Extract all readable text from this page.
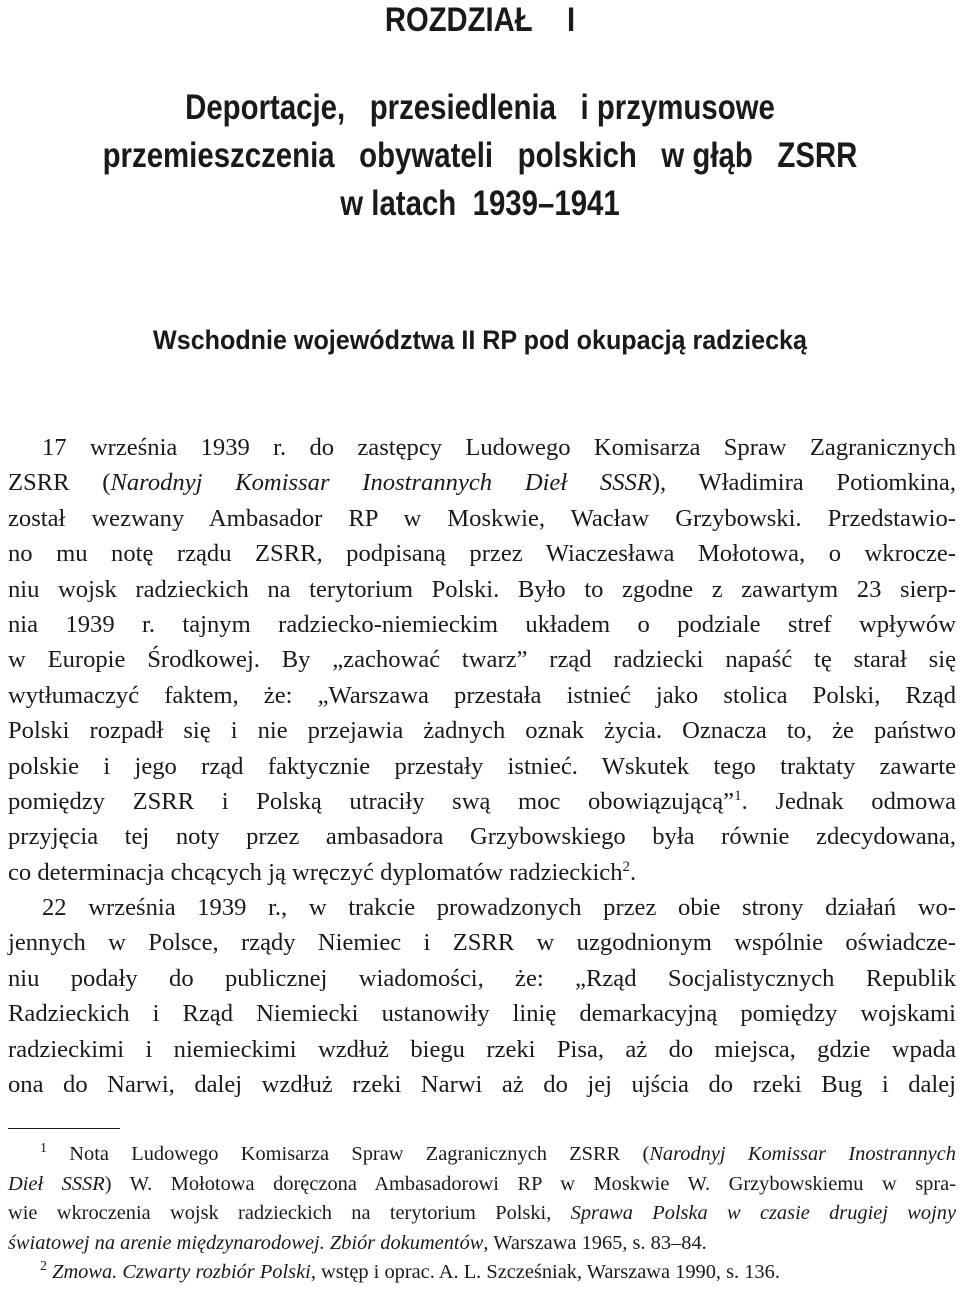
ROZDZIAŁ I
Deportacje,   przesiedlenia   i przymusowe
przemieszczenia   obywateli   polskich   w głąb   ZSRR
w latach  1939–1941
Wschodnie województwa II RP pod okupacją radziecką
17 września 1939 r. do zastępcy Ludowego Komisarza Spraw Zagranicznych
ZSRR (Narodnyj Komissar Inostrannych Dieł SSSR), Władimira Potiomkina,
został wezwany Ambasador RP w Moskwie, Wacław Grzybowski. Przedstawio-
no mu notę rządu ZSRR, podpisaną przez Wiaczesława Mołotowa, o wkrocze-
niu wojsk radzieckich na terytorium Polski. Było to zgodne z zawartym 23 sierp-
nia 1939 r. tajnym radziecko-niemieckim układem o podziale stref wpływów
w Europie Środkowej. By „zachować twarz” rząd radziecki napaść tę starał się
wytłumaczyć faktem, że: „Warszawa przestała istnieć jako stolica Polski, Rząd
Polski rozpadł się i nie przejawia żadnych oznak życia. Oznacza to, że państwo
polskie i jego rząd faktycznie przestały istnieć. Wskutek tego traktaty zawarte
pomiędzy ZSRR i Polską utraciły swą moc obowiązującą”$^1$. Jednak odmowa
przyjęcia tej noty przez ambasadora Grzybowskiego była równie zdecydowana,
co determinacja chcących ją wręczyć dyplomatów radzieckich$^2$.
22 września 1939 r., w trakcie prowadzonych przez obie strony działań wo-
jennych w Polsce, rządy Niemiec i ZSRR w uzgodnionym wspólnie oświadcze-
niu podały do publicznej wiadomości, że: „Rząd Socjalistycznych Republik
Radzieckich i Rząd Niemiecki ustanowiły linię demarkacyjną pomiędzy wojskami
radzieckimi i niemieckimi wzdłuż biegu rzeki Pisa, aż do miejsca, gdzie wpada
ona do Narwi, dalej wzdłuż rzeki Narwi aż do jej ujścia do rzeki Bug i dalej
$^1$ Nota Ludowego Komisarza Spraw Zagranicznych ZSRR (Narodnyj Komissar Inostrannych
Dieł SSSR) W. Mołotowa doręczona Ambasadorowi RP w Moskwie W. Grzybowskiemu w spra-
wie wkroczenia wojsk radzieckich na terytorium Polski, Sprawa Polska w czasie drugiej wojny
światowej na arenie międzynarodowej. Zbiór dokumentów, Warszawa 1965, s. 83–84.
$^2$ Zmowa. Czwarty rozbiór Polski, wstęp i oprac. A. L. Szcześniak, Warszawa 1990, s. 136.
